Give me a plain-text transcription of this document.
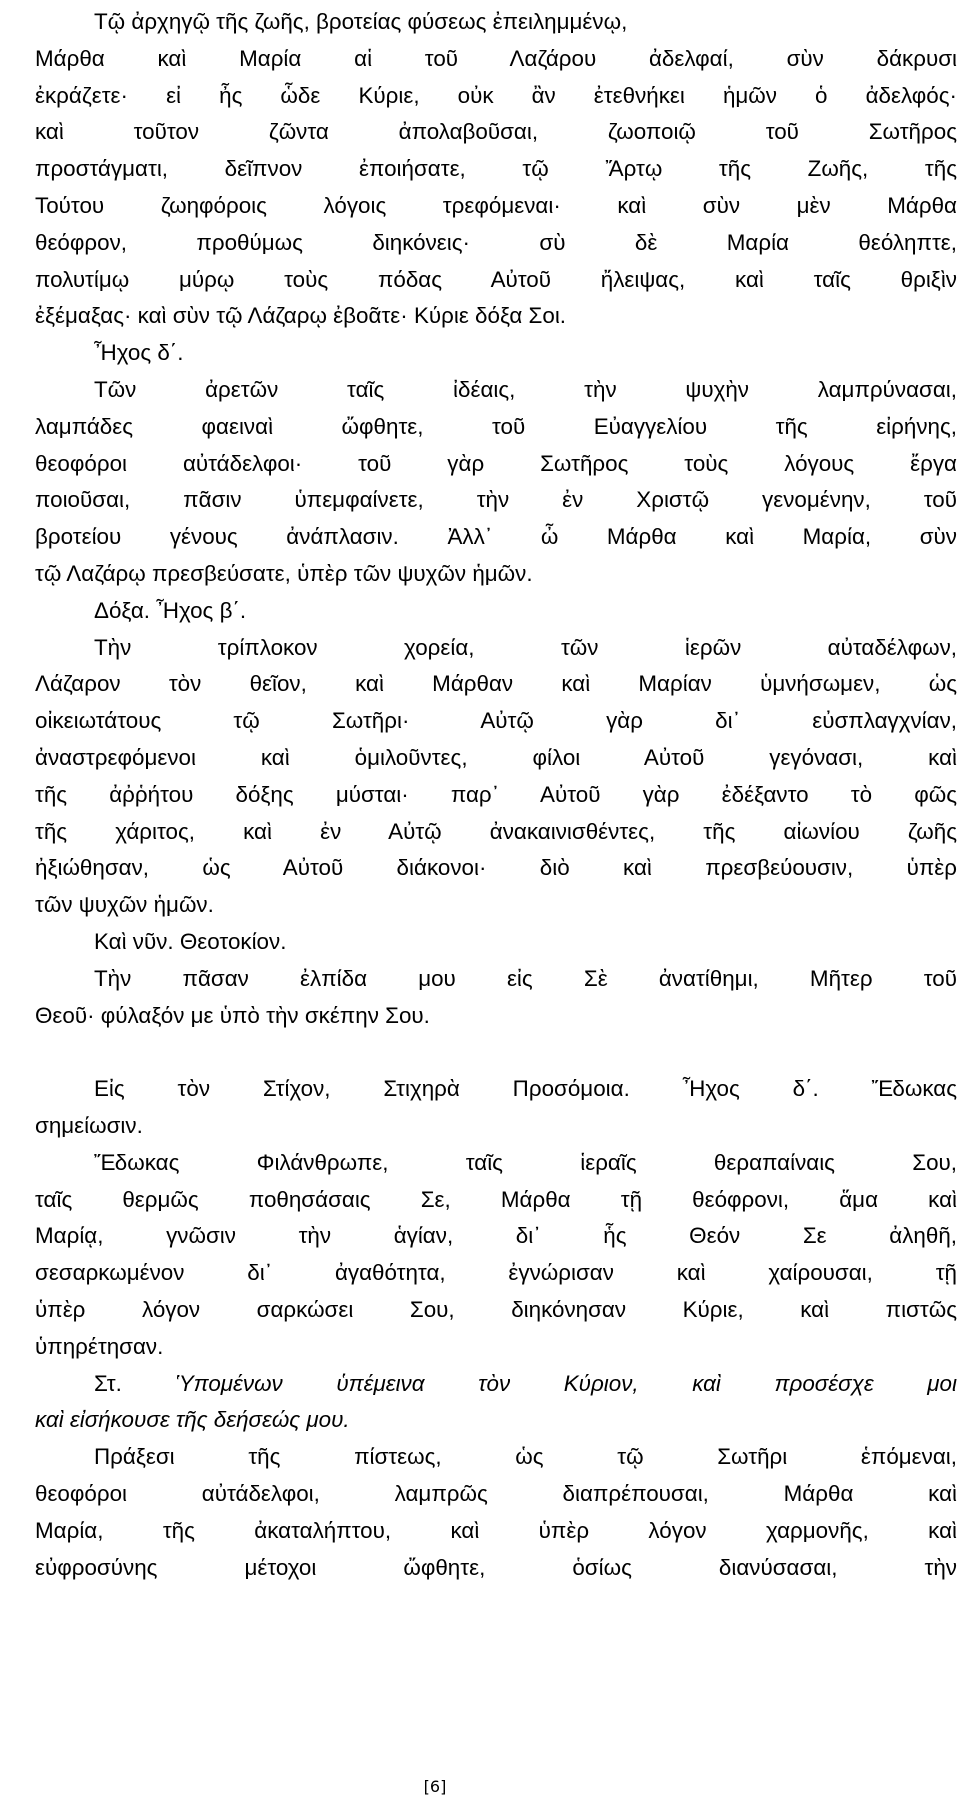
Τῷ ἀρχηγῷ τῆς ζωῆς, βροτείας φύσεως ἐπειλημμένῳ,
Μάρθα καὶ Μαρία αἱ τοῦ Λαζάρου ἀδελφαί, σὺν δάκρυσι
ἐκράζετε· εἰ ἦς ὧδε Κύριε, οὐκ ἂν ἐτεθνήκει ἡμῶν ὁ ἀδελφός·
καὶ τοῦτον ζῶντα ἀπολαβοῦσαι, ζωοποιῷ τοῦ Σωτῆρος
προστάγματι, δεῖπνον ἐποιήσατε, τῷ Ἄρτῳ τῆς Ζωῆς, τῆς
Τούτου ζωηφόροις λόγοις τρεφόμεναι· καὶ σὺν μὲν Μάρθα
θεόφρον, προθύμως διηκόνεις· σὺ δὲ Μαρία θεόληπτε,
πολυτίμῳ μύρῳ τοὺς πόδας Αὐτοῦ ἤλειψας, καὶ ταῖς θριξὶν
ἐξέμαξας· καὶ σὺν τῷ Λάζαρῳ ἐβοᾶτε· Κύριε δόξα Σοι.
Ἦχος δ΄.
Τῶν ἀρετῶν ταῖς ἰδέαις, τὴν ψυχὴν λαμπρύνασαι,
λαμπάδες φαειναὶ ὤφθητε, τοῦ Εὐαγγελίου τῆς εἰρήνης,
θεοφόροι αὐτάδελφοι· τοῦ γὰρ Σωτῆρος τοὺς λόγους ἔργα
ποιοῦσαι, πᾶσιν ὑπεμφαίνετε, τὴν ἐν Χριστῷ γενομένην, τοῦ
βροτείου γένους ἀνάπλασιν. Ἀλλ᾽ ὦ Μάρθα καὶ Μαρία, σὺν
τῷ Λαζάρῳ πρεσβεύσατε, ὑπὲρ τῶν ψυχῶν ἡμῶν.
Δόξα. Ἦχος β΄.
Τὴν τρίπλοκον χορεία, τῶν ἱερῶν αὐταδέλφων,
Λάζαρον τὸν θεῖον, καὶ Μάρθαν καὶ Μαρίαν ὑμνήσωμεν, ὡς
οἰκειωτάτους τῷ Σωτῆρι· Αὐτῷ γὰρ δι᾽ εὐσπλαγχνίαν,
ἀναστρεφόμενοι καὶ ὁμιλοῦντες, φίλοι Αὐτοῦ γεγόνασι, καὶ
τῆς ἀῤῥήτου δόξης μύσται· παρ᾽ Αὐτοῦ γὰρ ἐδέξαντο τὸ φῶς
τῆς χάριτος, καὶ ἐν Αὐτῷ ἀνακαινισθέντες, τῆς αἰωνίου ζωῆς
ἠξιώθησαν, ὡς Αὐτοῦ διάκονοι· διὸ καὶ πρεσβεύουσιν, ὑπὲρ
τῶν ψυχῶν ἡμῶν.
Καὶ νῦν. Θεοτοκίον.
Τὴν πᾶσαν ἐλπίδα μου εἰς Σὲ ἀνατίθημι, Μῆτερ τοῦ
Θεοῦ· φύλαξόν με ὑπὸ τὴν σκέπην Σου.
Εἰς τὸν Στίχον, Στιχηρὰ Προσόμοια. Ἦχος δ΄. Ἔδωκας
σημείωσιν.
Ἔδωκας Φιλάνθρωπε, ταῖς ἱεραῖς θεραπαίναις Σου,
ταῖς θερμῶς ποθησάσαις Σε, Μάρθα τῇ θεόφρονι, ἅμα καὶ
Μαρίᾳ, γνῶσιν τὴν ἁγίαν, δι᾽ ἧς Θεόν Σε ἀληθῆ,
σεσαρκωμένον δι᾽ ἀγαθότητα, ἐγνώρισαν καὶ χαίρουσαι, τῇ
ὑπὲρ λόγον σαρκώσει Σου, διηκόνησαν Κύριε, καὶ πιστῶς
ὑπηρέτησαν.
Στ. Ὑπομένων ὑπέμεινα τὸν Κύριον, καὶ προσέσχε μοι
καὶ εἰσήκουσε τῆς δεήσεώς μου.
Πράξεσι τῆς πίστεως, ὡς τῷ Σωτῆρι ἑπόμεναι,
θεοφόροι αὐτάδελφοι, λαμπρῶς διαπρέπουσαι, Μάρθα καὶ
Μαρία, τῆς ἀκαταλήπτου, καὶ ὑπὲρ λόγον χαρμονῆς, καὶ
εὐφροσύνης μέτοχοι ὤφθητε, ὁσίως διανύσασαι, τὴν
[6]
